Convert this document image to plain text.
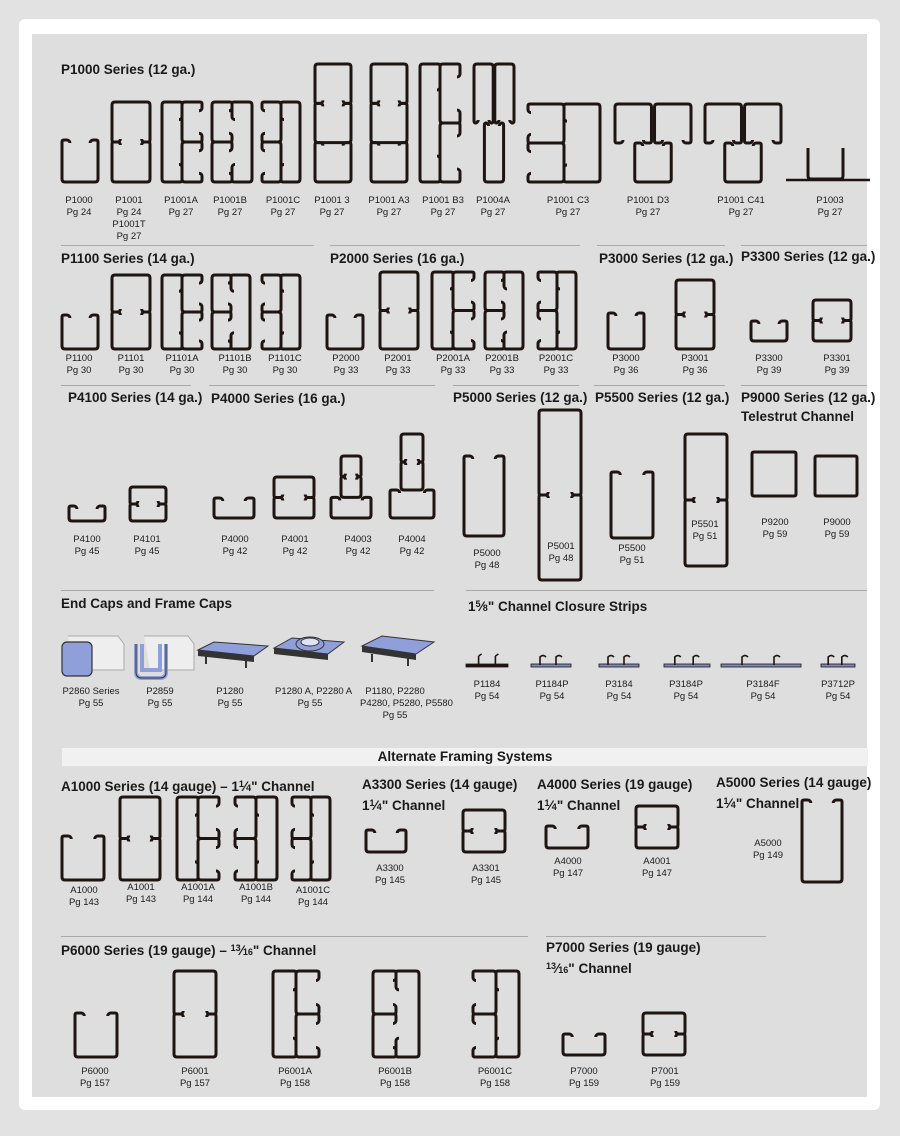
P1000 Series (12 ga.)
P1100 Series (14 ga.)	P2000 Series (16 ga.)	P3000 Series (12 ga.) P3300 Series (12 ga.)
P4100 Series (14 ga.) P4000 Series (16 ga.)	P5000 Series (12 ga.) P5500 Series (12 ga.) P9000 Series (12 ga.)
Telestrut Channel
End Caps and Frame Caps	$1^5⁄8$" Channel Closure Strips
Alternate Framing Systems
A1000 Series (14 gauge) – $1^1⁄4$" Channel	A3300 Series (14 gauge)
$1^1⁄4$" Channel
A4000 Series (19 gauge)
$1^1⁄4$" Channel
A5000 Series (14 gauge)
$1^1⁄4$" Channel
P6000 Series (19 gauge) – $^{13}$⁄16" Channel	P7000 Series (19 gauge)
$^{13}$⁄16" Channel
P1000
Pg 24
P1001
Pg 24
P1001T
Pg 27
P1001A
Pg 27
P1001B
Pg 27
P1001C
Pg 27
P1001 3
Pg 27
P1001 A3
Pg 27
P1001 B3
Pg 27
P1004A
Pg 27
P1001 C3
Pg 27
P1001 D3
Pg 27
P1001 C41
Pg 27
P1003
Pg 27
P1100
Pg 30
P1101
Pg 30
P1101A
Pg 30
P1101B
Pg 30
P1101C
Pg 30
P2000
Pg 33
P2001
Pg 33
P2001A
Pg 33
P2001B
Pg 33
P2001C
Pg 33
P3000
Pg 36
P3001
Pg 36
P3300
Pg 39
P3301
Pg 39
P4100
Pg 45
P4101
Pg 45
P4000
Pg 42
P4001
Pg 42
P4003
Pg 42
P4004
Pg 42	P5000
Pg 48
P5001
Pg 48
P5500
Pg 51
P5501
Pg 51
P9200
Pg 59
P9000
Pg 59
P2860 Series
Pg 55
P2859
Pg 55
P1280
Pg 55
P1280 A, P2280 A
Pg 55
P1180, P2280
P4280, P5280, P5580
Pg 55
P1184
Pg 54
P1184P
Pg 54
P3184
Pg 54
P3184P
Pg 54
P3184F
Pg 54
P3712P
Pg 54
A1000
Pg 143
A1001
Pg 143
A1001A
Pg 144
A1001B
Pg 144
A1001C
Pg 144
A3300
Pg 145
A3301
Pg 145
A4000
Pg 147
A4001
Pg 147
A5000
Pg 149
P6000
Pg 157
P6001
Pg 157
P6001A
Pg 158
P6001B
Pg 158
P6001C
Pg 158
P7000
Pg 159
P7001
Pg 159
